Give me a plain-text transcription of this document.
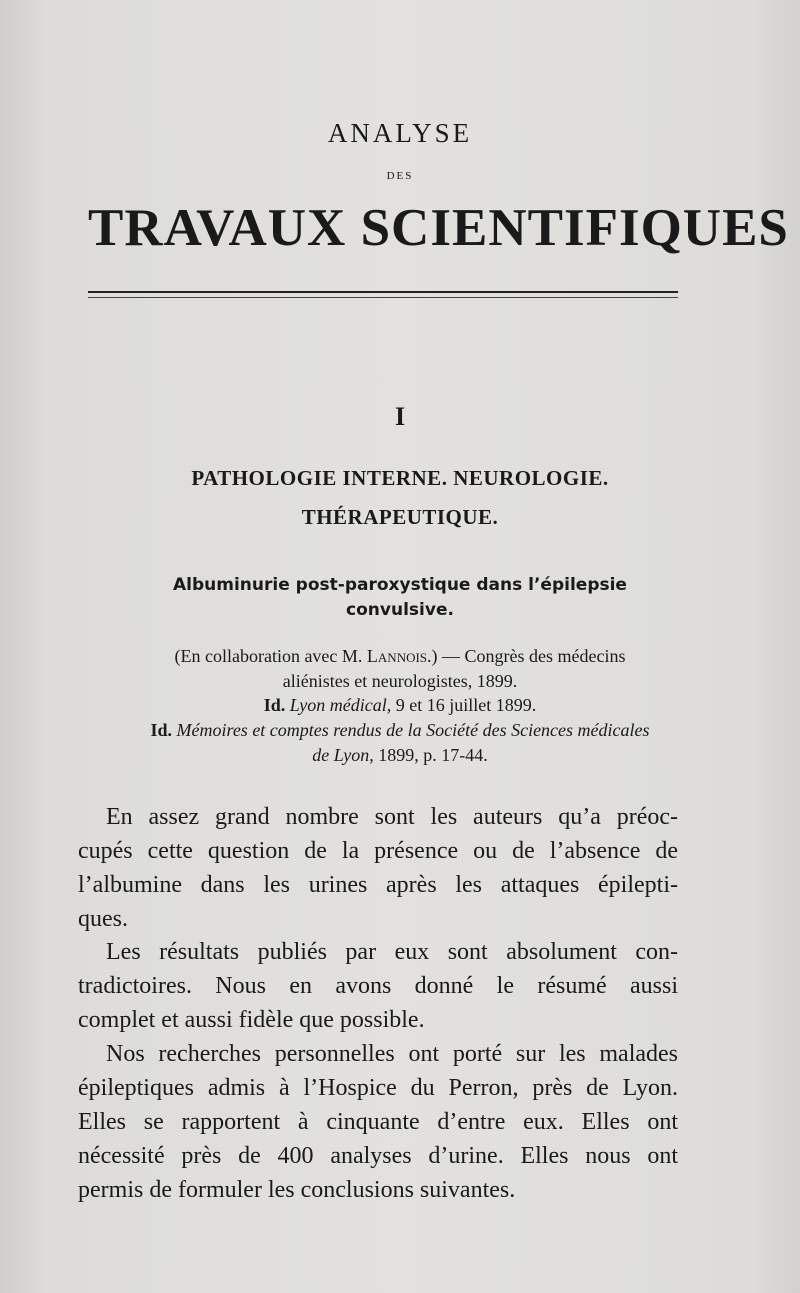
ANALYSE
DES
TRAVAUX SCIENTIFIQUES
I
PATHOLOGIE INTERNE. NEUROLOGIE.
THÉRAPEUTIQUE.
Albuminurie post-paroxystique dans l’épilepsie
convulsive.
(En collaboration avec M. Lannois.) — Congrès des médecins
aliénistes et neurologistes, 1899.
Id. Lyon médical, 9 et 16 juillet 1899.
Id. Mémoires et comptes rendus de la Société des Sciences médicales
de Lyon, 1899, p. 17-44.
En assez grand nombre sont les auteurs qu’a préoc-
cupés cette question de la présence ou de l’absence de
l’albumine dans les urines après les attaques épilepti-
ques.
Les résultats publiés par eux sont absolument con-
tradictoires. Nous en avons donné le résumé aussi
complet et aussi fidèle que possible.
Nos recherches personnelles ont porté sur les malades
épileptiques admis à l’Hospice du Perron, près de Lyon.
Elles se rapportent à cinquante d’entre eux. Elles ont
nécessité près de 400 analyses d’urine. Elles nous ont
permis de formuler les conclusions suivantes.
